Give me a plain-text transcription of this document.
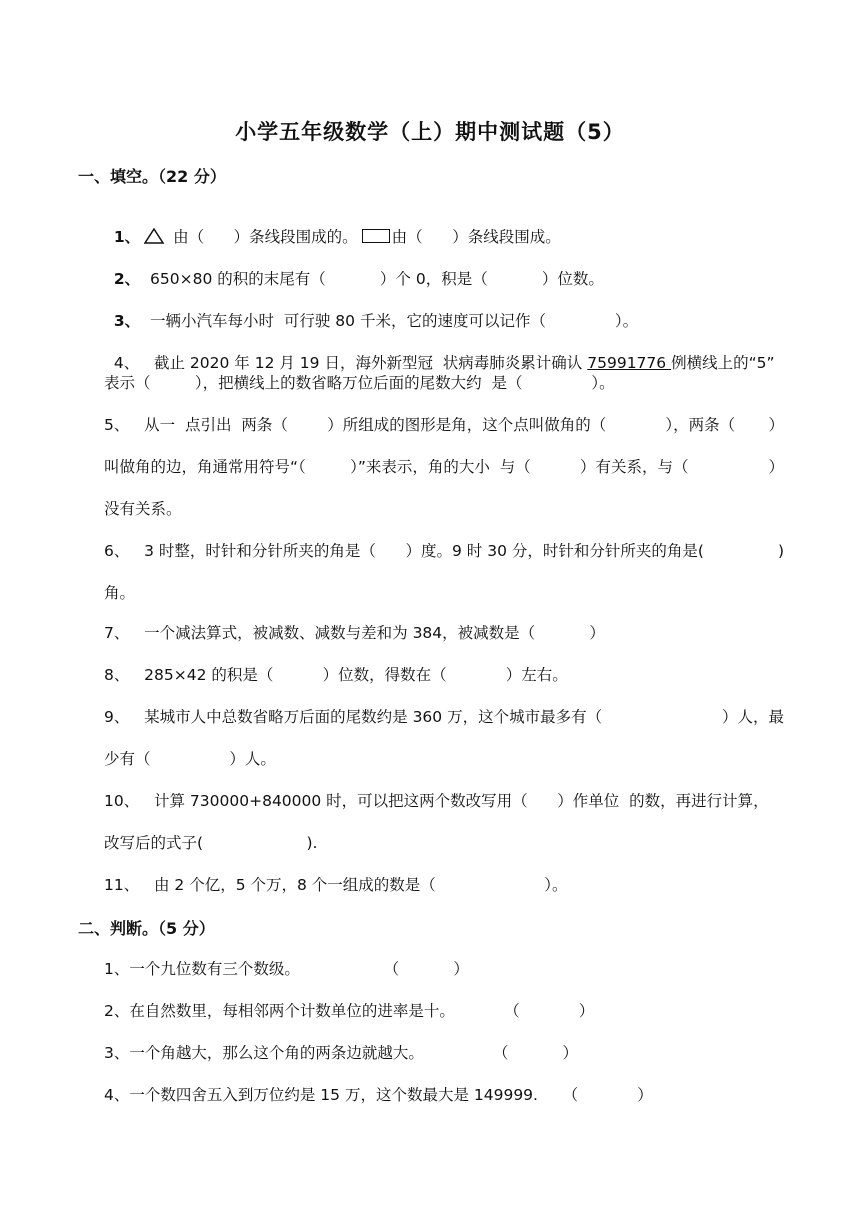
小学五年级数学（上）期中测试题（5）
一、填空。（22 分）

1、 由（      ）条线段围成的。 由（      ）条线段围成。

2、  650×80 的积的末尾有（           ）个 0，积是（           ）位数。

3、  一辆小汽车每小时  可行驶 80 千米，它的速度可以记作（              ）。

4、   截止 2020 年 12 月 19 日，海外新型冠  状病毒肺炎累计确认 75991776 例横线上的“5”

表示（         ），把横线上的数省略万位后面的尾数大约  是（              ）。
5、   从一  点引出  两条（        ）所组成的图形是角，这个点叫做角的（            ），两条（ ）
叫做角的边，角通常用符号“（         ）”来表示，角的大小  与（          ）有关系，与（ ）
没有关系。
6、   3 时整，时针和分针所夹的角是（      ）度。9 时 30 分，时针和分针所夹的角是( )
角。
7、   一个减法算式，被减数、减数与差和为 384，被减数是（           ）
8、   285×42 的积是（          ）位数，得数在（            ）左右。
9、   某城市人中总数省略万后面的尾数约是 360 万，这个城市最多有（	）人，最
少有（                ）人。
10、   计算 730000+840000 时，可以把这两个数改写用（      ）作单位  的数，再进行计算，
改写后的式子(                     ).
11、   由 2 个亿，5 个万，8 个一组成的数是（                      ）。
二、判断。（5 分）
1、一个九位数有三个数级。                 （           ）
2、在自然数里，每相邻两个计数单位的进率是十。          （            ）
3、一个角越大，那么这个角的两条边就越大。              （           ）
4、一个数四舍五入到万位约是 15 万，这个数最大是 149999.     （            ）
